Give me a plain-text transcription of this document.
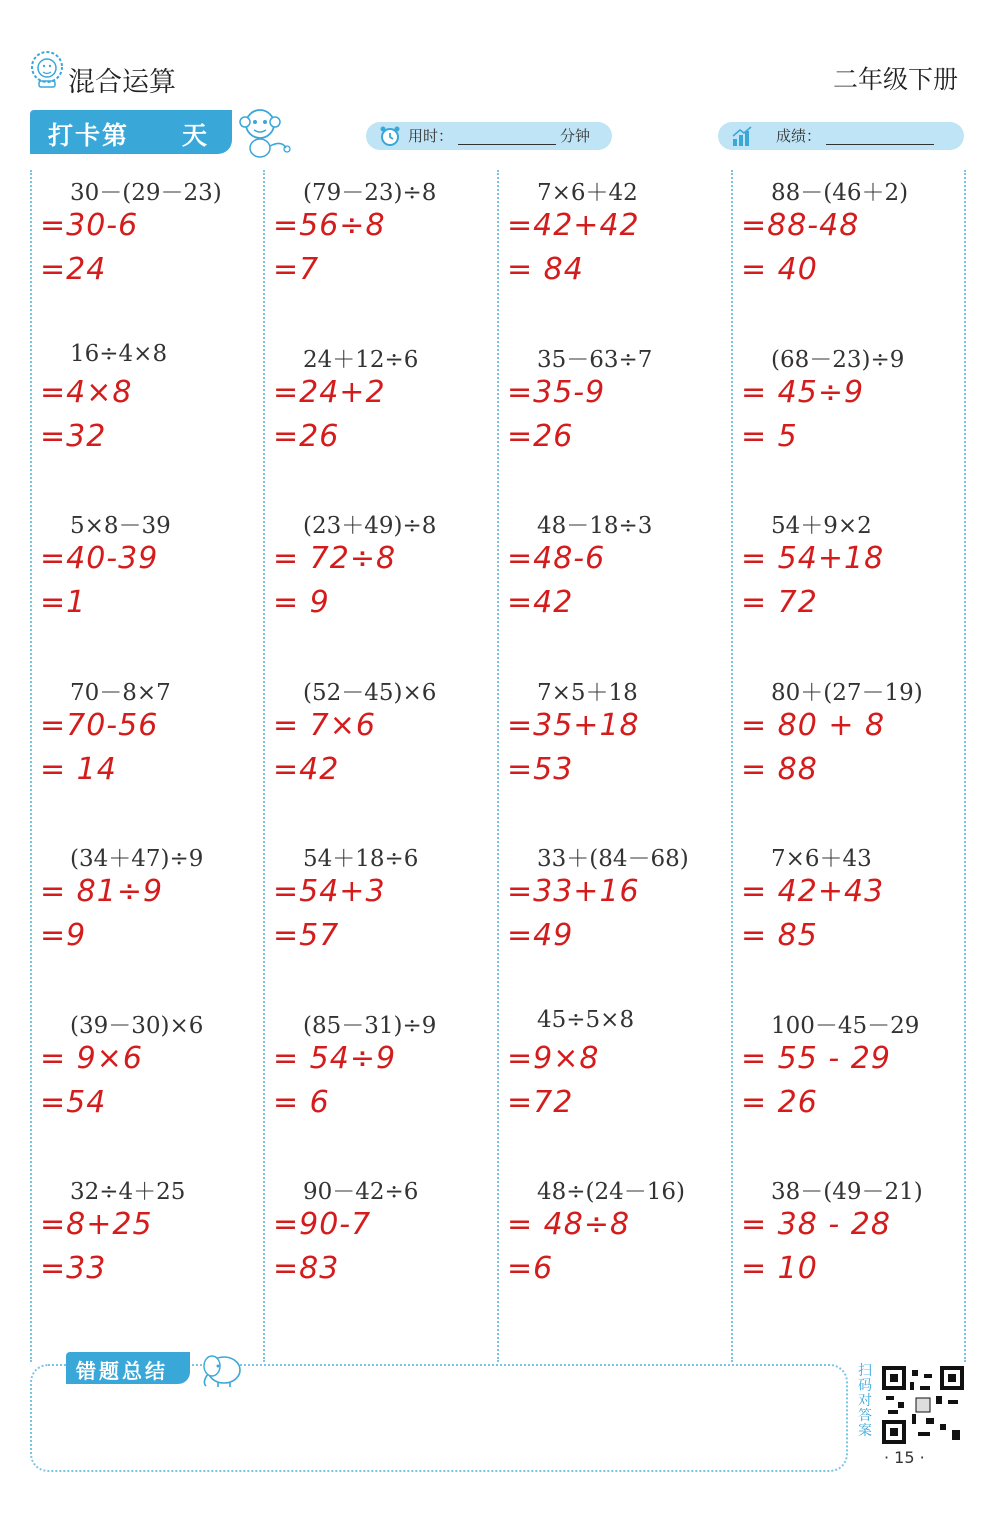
混合运算	二年级下册
打卡第 天	用时：	分钟	成绩：
30－(29－23)
=30-6
=24
16÷4×8
=4×8
=32
5×8－39
=40-39
=1
70－8×7
=70-56
= 14
(34＋47)÷9
= 81÷9
=9
(39－30)×6
= 9×6
=54
32÷4＋25
=8+25
=33
(79－23)÷8
=56÷8
=7
24＋12÷6
=24+2
=26
(23＋49)÷8
= 72÷8
= 9
(52－45)×6
= 7×6
=42
54＋18÷6
=54+3
=57
(85－31)÷9
= 54÷9
= 6
90－42÷6
=90-7
=83
7×6＋42
=42+42
= 84
35－63÷7
=35-9
=26
48－18÷3
=48-6
=42
7×5＋18
=35+18
=53
33＋(84－68)
=33+16
=49
45÷5×8
=9×8
=72
48÷(24－16)
= 48÷8
=6
88－(46＋2)
=88-48
= 40
(68－23)÷9
= 45÷9
= 5
54＋9×2
= 54+18
= 72
80＋(27－19)
= 80 + 8
= 88
7×6＋43
= 42+43
= 85
100－45－29
= 55 - 29
= 26
38－(49－21)
= 38 - 28
= 10
错题总结	扫码对答案
· 15 ·
